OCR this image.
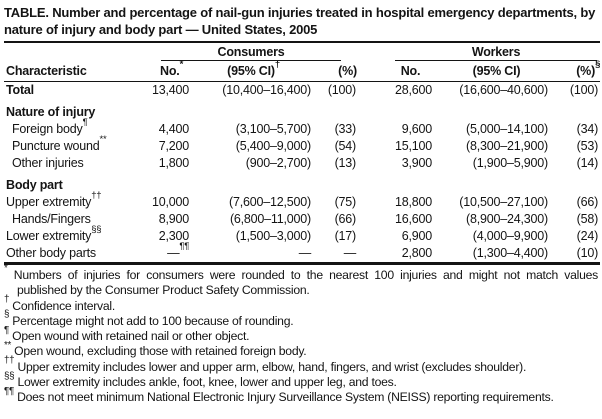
TABLE. Number and percentage of nail-gun injuries treated in hospital emergency departments, by nature of injury and body part — United States, 2005

	Consumers				Workers		

Characteristic	No.*	(95% CI)†	(%)		No.	(95% CI)	(%)§
Total	13,400	(10,400–16,400)	(100)		28,600	(16,600–40,600)	(100)
Nature of injury							
Foreign body¶	4,400	(3,100–5,700)	(33)		9,600	(5,000–14,100)	(34)
Puncture wound**	7,200	(5,400–9,000)	(54)		15,100	(8,300–21,900)	(53)
Other injuries	1,800	(900–2,700)	(13)		3,900	(1,900–5,900)	(14)
Body part							
Upper extremity††	10,000	(7,600–12,500)	(75)		18,800	(10,500–27,100)	(66)
Hands/Fingers	8,900	(6,800–11,000)	(66)		16,600	(8,900–24,300)	(58)
Lower extremity§§	2,300	(1,500–3,000)	(17)		6,900	(4,000–9,900)	(24)
Other body parts	—¶¶	—	—		2,800	(1,300–4,400)	(10)

* Numbers of injuries for consumers were rounded to the nearest 100 injuries and might not match values published by the Consumer Product Safety Commission.

† Confidence interval.

§ Percentage might not add to 100 because of rounding.

¶ Open wound with retained nail or other object.

** Open wound, excluding those with retained foreign body.

†† Upper extremity includes lower and upper arm, elbow, hand, fingers, and wrist (excludes shoulder).

§§ Lower extremity includes ankle, foot, knee, lower and upper leg, and toes.

¶¶ Does not meet minimum National Electronic Injury Surveillance System (NEISS) reporting requirements.
